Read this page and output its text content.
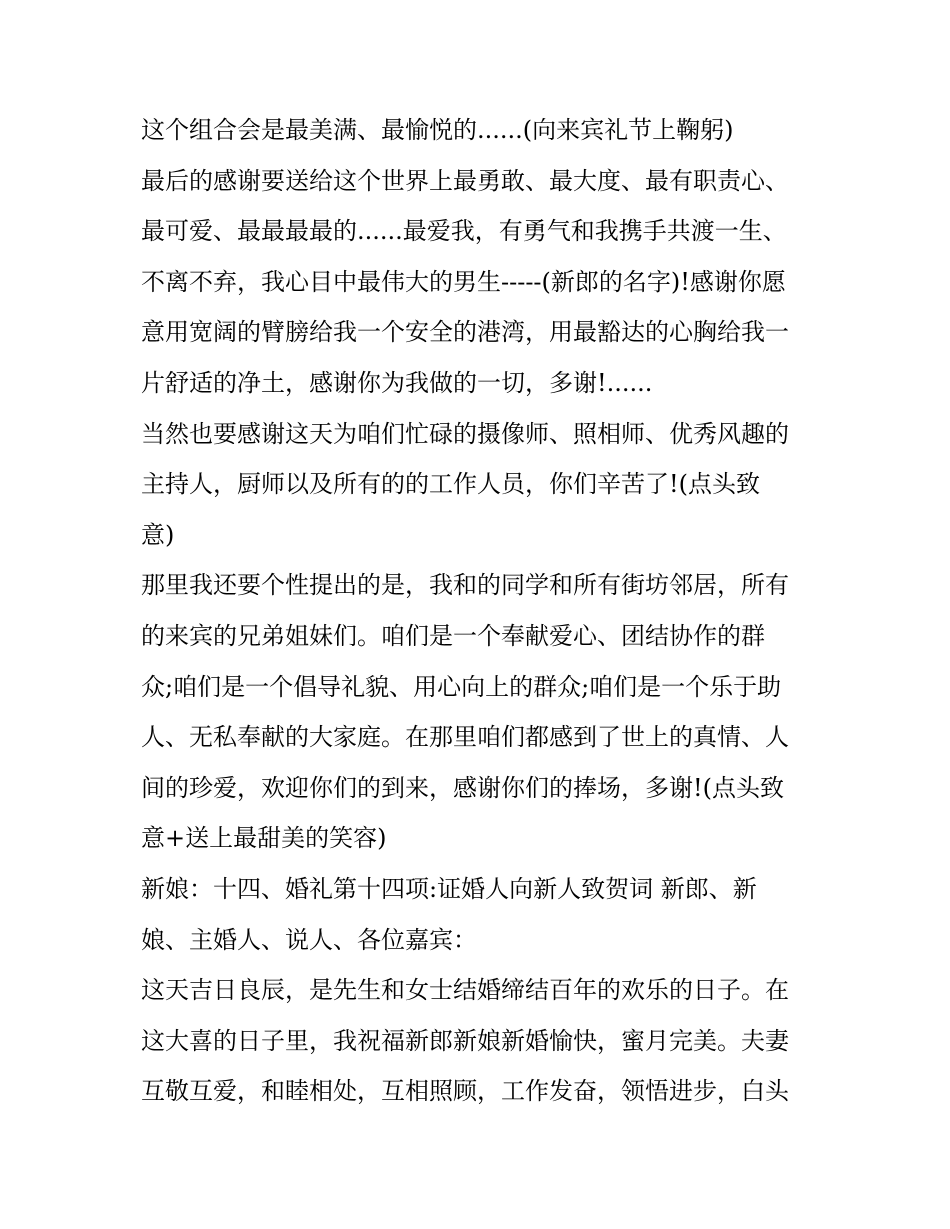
这个组合会是最美满、最愉悦的......(向来宾礼节上鞠躬)
最后的感谢要送给这个世界上最勇敢、最大度、最有职责心、
最可爱、最最最最的......最爱我，有勇气和我携手共渡一生、
不离不弃，我心目中最伟大的男生-----(新郎的名字)!感谢你愿
意用宽阔的臂膀给我一个安全的港湾，用最豁达的心胸给我一
片舒适的净土，感谢你为我做的一切，多谢!......
当然也要感谢这天为咱们忙碌的摄像师、照相师、优秀风趣的
主持人，厨师以及所有的的工作人员，你们辛苦了!(点头致
意)
那里我还要个性提出的是，我和的同学和所有街坊邻居，所有
的来宾的兄弟姐妹们。咱们是一个奉献爱心、团结协作的群
众;咱们是一个倡导礼貌、用心向上的群众;咱们是一个乐于助
人、无私奉献的大家庭。在那里咱们都感到了世上的真情、人
间的珍爱，欢迎你们的到来，感谢你们的捧场，多谢!(点头致
意+送上最甜美的笑容)
新娘：十四、婚礼第十四项:证婚人向新人致贺词 新郎、新
娘、主婚人、说人、各位嘉宾：
这天吉日良辰，是先生和女士结婚缔结百年的欢乐的日子。在
这大喜的日子里，我祝福新郎新娘新婚愉快，蜜月完美。夫妻
互敬互爱，和睦相处，互相照顾，工作发奋，领悟进步，白头
